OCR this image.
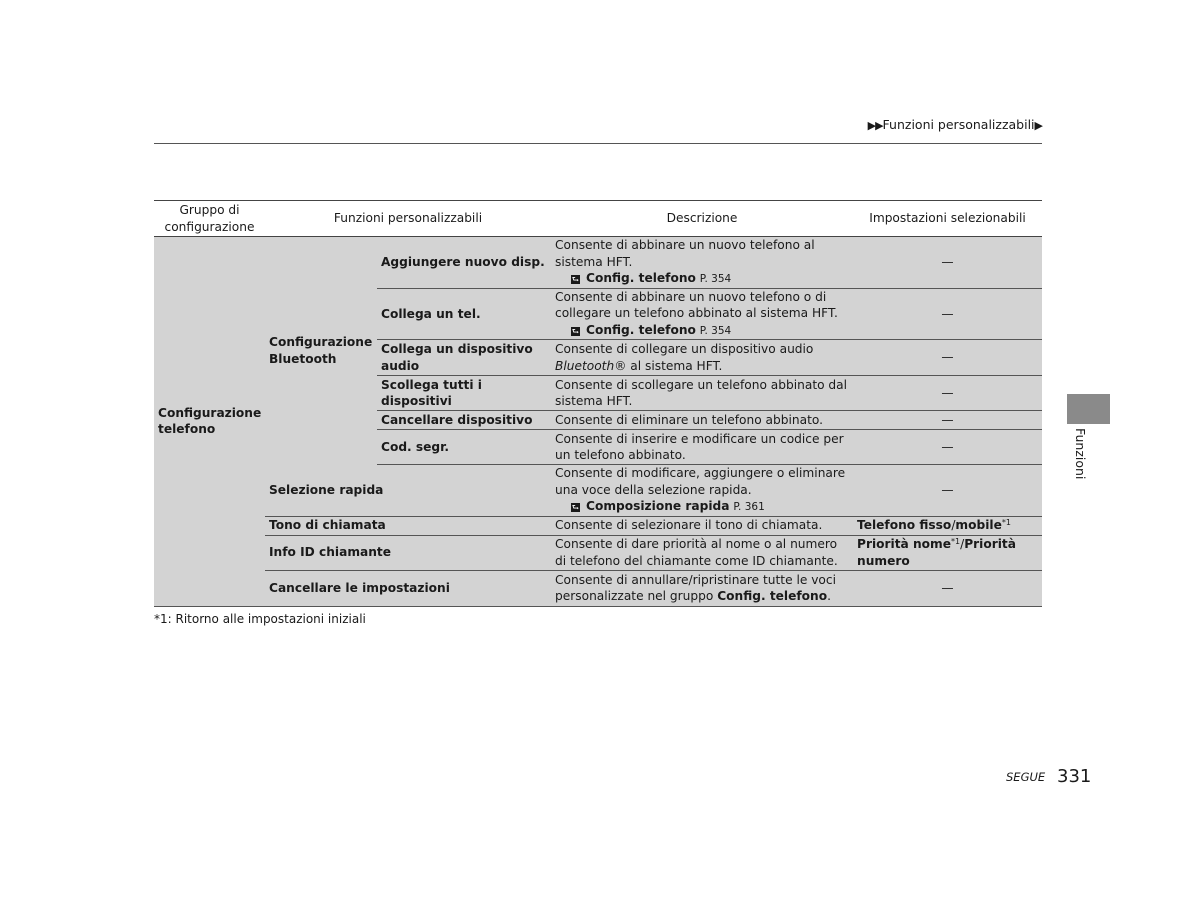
▶▶Funzioni personalizzabili▶
Gruppo di configurazione	Funzioni personalizzabili		Descrizione	Impostazioni selezionabili
Configurazione telefono	Configurazione Bluetooth	Aggiungere nuovo disp.	Consente di abbinare un nuovo telefono al sistema HFT.
⮑ Config. telefono P. 354	—
		Collega un tel.	Consente di abbinare un nuovo telefono o di collegare un telefono abbinato al sistema HFT.
⮑ Config. telefono P. 354	—
		Collega un dispositivo audio	Consente di collegare un dispositivo audio Bluetooth® al sistema HFT.	—
		Scollega tutti i dispositivi	Consente di scollegare un telefono abbinato dal sistema HFT.	—
		Cancellare dispositivo	Consente di eliminare un telefono abbinato.	—
		Cod. segr.	Consente di inserire e modificare un codice per un telefono abbinato.	—
	Selezione rapida		Consente di modificare, aggiungere o eliminare una voce della selezione rapida.
⮑ Composizione rapida P. 361	—
	Tono di chiamata		Consente di selezionare il tono di chiamata.	Telefono fisso/mobile$^{*1}$
	Info ID chiamante		Consente di dare priorità al nome o al numero di telefono del chiamante come ID chiamante.	Priorità nome$^{*1}$/Priorità numero
	Cancellare le impostazioni		Consente di annullare/ripristinare tutte le voci personalizzate nel gruppo Config. telefono.	—
*1: Ritorno alle impostazioni iniziali
Funzioni
SEGUE 331
